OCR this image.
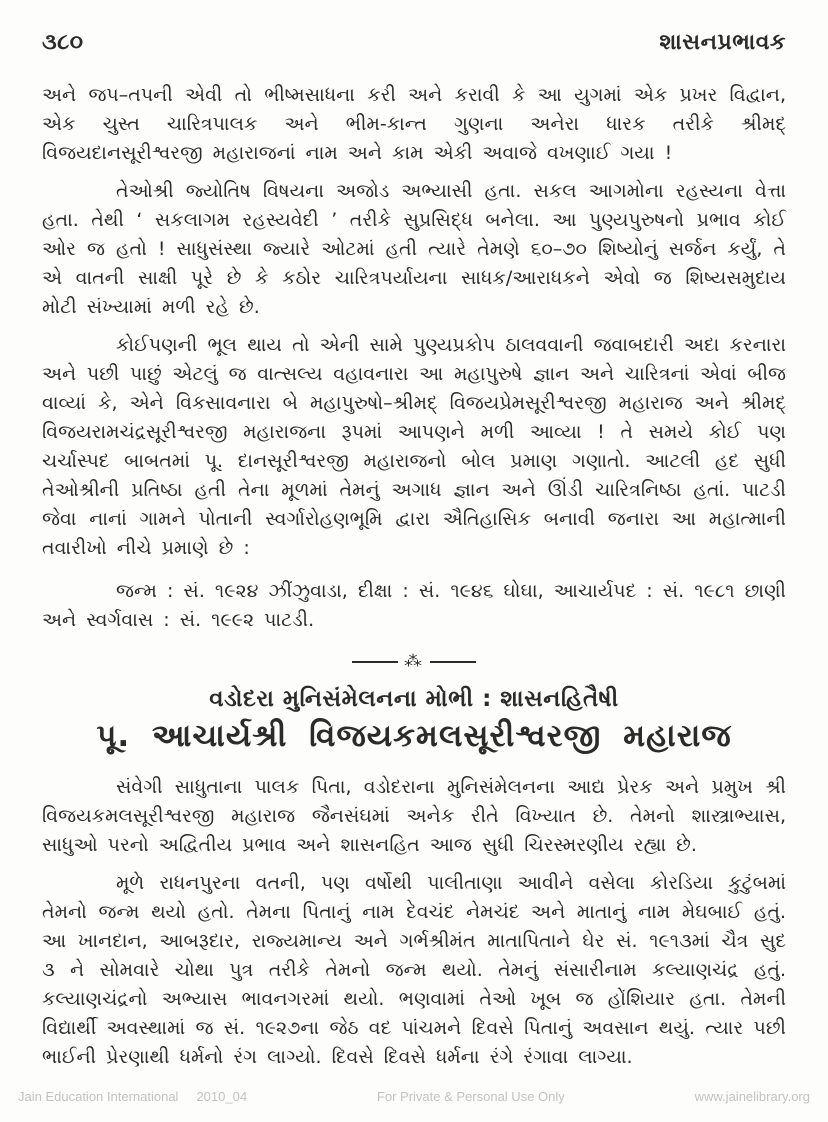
૩૮૦	શાસનપ્રભાવક

અને જપ–તપની એવી તો ભીષ્મસાધના કરી અને કરાવી કે આ યુગમાં એક પ્રખર વિદ્વાન, એક ચુસ્ત ચારિત્રપાલક અને ભીમ-કાન્ત ગુણના અનેરા ધારક તરીકે શ્રીમદ્ વિજયદાનસૂરીશ્વરજી મહારાજનાં નામ અને કામ એકી અવાજે વખણાઈ ગયા !

તેઓશ્રી જ્યોતિષ વિષયના અજોડ અભ્યાસી હતા. સકલ આગમોના રહસ્યના વેત્તા હતા. તેથી ‘ સકલાગમ રહસ્યવેદી ’ તરીકે સુપ્રસિદ્ધ બનેલા. આ પુણ્યપુરુષનો પ્રભાવ કોઈ ઓર જ હતો ! સાધુસંસ્થા જ્યારે ઓટમાં હતી ત્યારે તેમણે ૬૦–૭૦ શિષ્યોનું સર્જન કર્યું, તે એ વાતની સાક્ષી પૂરે છે કે કઠોર ચારિત્રપર્યાયના સાધક/આરાધકને એવો જ શિષ્યસમુદાય મોટી સંખ્યામાં મળી રહે છે.

કોઈપણની ભૂલ થાય તો એની સામે પુણ્યપ્રકોપ ઠાલવવાની જવાબદારી અદા કરનારા અને પછી પાછું એટલું જ વાત્સલ્ય વહાવનારા આ મહાપુરુષે જ્ઞાન અને ચારિત્રનાં એવાં બીજ વાવ્યાં કે, એને વિકસાવનારા બે મહાપુરુષો–શ્રીમદ્ વિજયપ્રેમસૂરીશ્વરજી મહારાજ અને શ્રીમદ્ વિજયરામચંદ્રસૂરીશ્વરજી મહારાજના રૂપમાં આપણને મળી આવ્યા ! તે સમયે કોઈ પણ ચર્ચાસ્પદ બાબતમાં પૂ. દાનસૂરીશ્વરજી મહારાજનો બોલ પ્રમાણ ગણાતો. આટલી હદ સુધી તેઓશ્રીની પ્રતિષ્ઠા હતી તેના મૂળમાં તેમનું અગાધ જ્ઞાન અને ઊંડી ચારિત્રનિષ્ઠા હતાં. પાટડી જેવા નાનાં ગામને પોતાની સ્વર્ગારોહણભૂમિ દ્વારા ઐતિહાસિક બનાવી જનારા આ મહાત્માની તવારીખો નીચે પ્રમાણે છે :

જન્મ : સં. ૧૯૨૪ ઝીંઝુવાડા, દીક્ષા : સં. ૧૯૪૬ ઘોઘા, આચાર્યપદ : સં. ૧૯૮૧ છાણી અને સ્વર્ગવાસ : સં. ૧૯૯૨ પાટડી.

⁂
વડોદરા મુનિસંમેલનના મોભી : શાસનહિતૈષી
પૂ. આચાર્યશ્રી વિજયકમલસૂરીશ્વરજી મહારાજ

સંવેગી સાધુતાના પાલક પિતા, વડોદરાના મુનિસંમેલનના આદ્ય પ્રેરક અને પ્રમુખ શ્રી વિજયકમલસૂરીશ્વરજી મહારાજ જૈનસંઘમાં અનેક રીતે વિખ્યાત છે. તેમનો શાસ્ત્રાભ્યાસ, સાધુઓ પરનો અદ્વિતીય પ્રભાવ અને શાસનહિત આજ સુધી ચિરસ્મરણીય રહ્યા છે.

મૂળે રાધનપુરના વતની, પણ વર્ષોથી પાલીતાણા આવીને વસેલા કોરડિયા કુટુંબમાં તેમનો જન્મ થયો હતો. તેમના પિતાનું નામ દેવચંદ નેમચંદ અને માતાનું નામ મેઘબાઈ હતું. આ ખાનદાન, આબરૂદાર, રાજ્યમાન્ય અને ગર્ભશ્રીમંત માતાપિતાને ઘેર સં. ૧૯૧૩માં ચૈત્ર સુદ ૩ ને સોમવારે ચોથા પુત્ર તરીકે તેમનો જન્મ થયો. તેમનું સંસારીનામ કલ્યાણચંદ્ર હતું. કલ્યાણચંદ્રનો અભ્યાસ ભાવનગરમાં થયો. ભણવામાં તેઓ ખૂબ જ હોંશિયાર હતા. તેમની વિદ્યાર્થી અવસ્થામાં જ સં. ૧૯૨૭ના જેઠ વદ પાંચમને દિવસે પિતાનું અવસાન થયું. ત્યાર પછી ભાઈની પ્રેરણાથી ધર્મનો રંગ લાગ્યો. દિવસે દિવસે ધર્મના રંગે રંગાવા લાગ્યા.

Jain Education International 2010_04	For Private & Personal Use Only	www.jainelibrary.org
